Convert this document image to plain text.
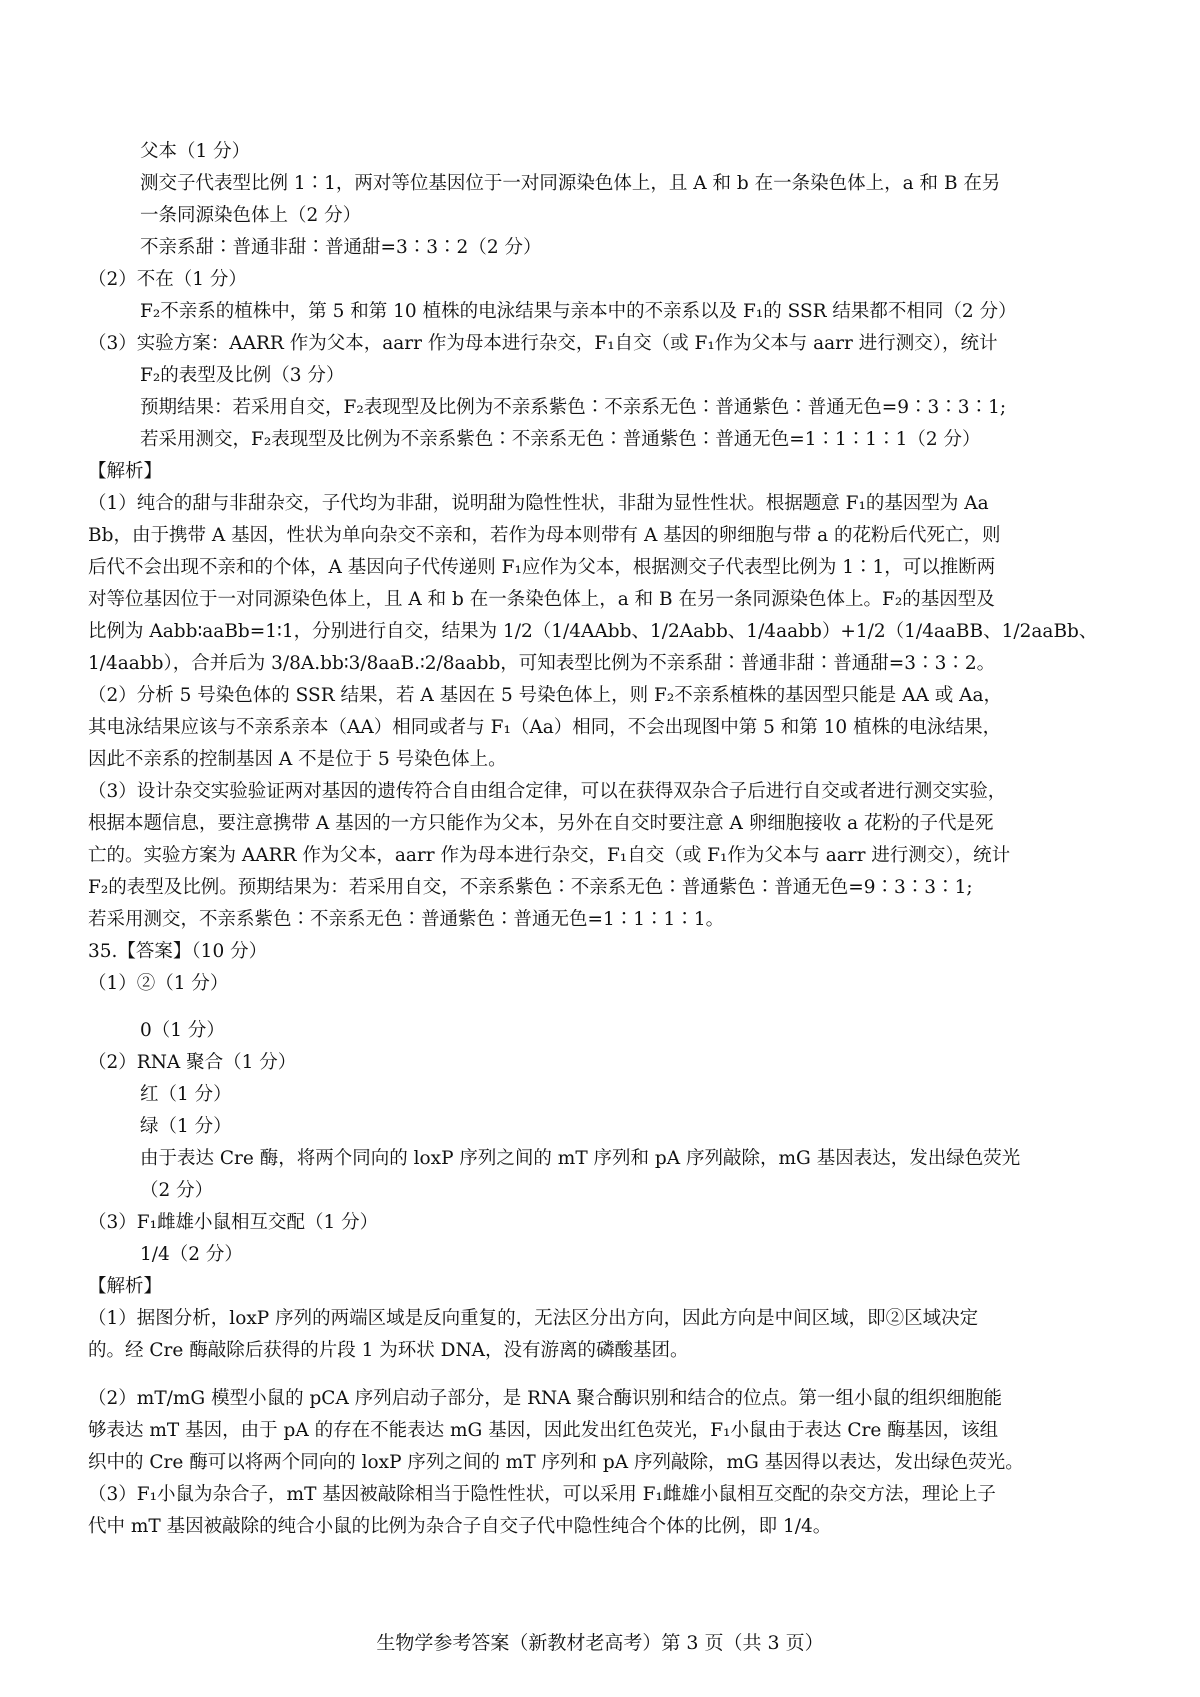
父本（1 分）
测交子代表型比例 1∶1，两对等位基因位于一对同源染色体上，且 A 和 b 在一条染色体上，a 和 B 在另
一条同源染色体上（2 分）
不亲系甜∶普通非甜∶普通甜=3∶3∶2（2 分）
（2）不在（1 分）
F₂不亲系的植株中，第 5 和第 10 植株的电泳结果与亲本中的不亲系以及 F₁的 SSR 结果都不相同（2 分）
（3）实验方案：AARR 作为父本，aarr 作为母本进行杂交，F₁自交（或 F₁作为父本与 aarr 进行测交），统计
F₂的表型及比例（3 分）
预期结果：若采用自交，F₂表现型及比例为不亲系紫色∶不亲系无色∶普通紫色∶普通无色=9∶3∶3∶1;
若采用测交，F₂表现型及比例为不亲系紫色∶不亲系无色∶普通紫色∶普通无色=1∶1∶1∶1（2 分）
【解析】
（1）纯合的甜与非甜杂交，子代均为非甜，说明甜为隐性性状，非甜为显性性状。根据题意 F₁的基因型为 Aa
Bb，由于携带 A 基因，性状为单向杂交不亲和，若作为母本则带有 A 基因的卵细胞与带 a 的花粉后代死亡，则
后代不会出现不亲和的个体，A 基因向子代传递则 F₁应作为父本，根据测交子代表型比例为 1∶1，可以推断两
对等位基因位于一对同源染色体上，且 A 和 b 在一条染色体上，a 和 B 在另一条同源染色体上。F₂的基因型及
比例为 Aabb∶aaBb=1∶1，分别进行自交，结果为 1/2（1/4AAbb、1/2Aabb、1/4aabb）+1/2（1/4aaBB、1/2aaBb、
1/4aabb），合并后为 3/8A.bb∶3/8aaB.∶2/8aabb，可知表型比例为不亲系甜∶普通非甜∶普通甜=3∶3∶2。
（2）分析 5 号染色体的 SSR 结果，若 A 基因在 5 号染色体上，则 F₂不亲系植株的基因型只能是 AA 或 Aa，
其电泳结果应该与不亲系亲本（AA）相同或者与 F₁（Aa）相同，不会出现图中第 5 和第 10 植株的电泳结果，
因此不亲系的控制基因 A 不是位于 5 号染色体上。
（3）设计杂交实验验证两对基因的遗传符合自由组合定律，可以在获得双杂合子后进行自交或者进行测交实验，
根据本题信息，要注意携带 A 基因的一方只能作为父本，另外在自交时要注意 A 卵细胞接收 a 花粉的子代是死
亡的。实验方案为 AARR 作为父本，aarr 作为母本进行杂交，F₁自交（或 F₁作为父本与 aarr 进行测交），统计
F₂的表型及比例。预期结果为：若采用自交，不亲系紫色∶不亲系无色∶普通紫色∶普通无色=9∶3∶3∶1;
若采用测交，不亲系紫色∶不亲系无色∶普通紫色∶普通无色=1∶1∶1∶1。
35.【答案】（10 分）
（1）②（1 分）
0（1 分）
（2）RNA 聚合（1 分）
红（1 分）
绿（1 分）
由于表达 Cre 酶，将两个同向的 loxP 序列之间的 mT 序列和 pA 序列敲除，mG 基因表达，发出绿色荧光
（2 分）
（3）F₁雌雄小鼠相互交配（1 分）
1/4（2 分）
【解析】
（1）据图分析，loxP 序列的两端区域是反向重复的，无法区分出方向，因此方向是中间区域，即②区域决定
的。经 Cre 酶敲除后获得的片段 1 为环状 DNA，没有游离的磷酸基团。
（2）mT/mG 模型小鼠的 pCA 序列启动子部分，是 RNA 聚合酶识别和结合的位点。第一组小鼠的组织细胞能
够表达 mT 基因，由于 pA 的存在不能表达 mG 基因，因此发出红色荧光，F₁小鼠由于表达 Cre 酶基因，该组
织中的 Cre 酶可以将两个同向的 loxP 序列之间的 mT 序列和 pA 序列敲除，mG 基因得以表达，发出绿色荧光。
（3）F₁小鼠为杂合子，mT 基因被敲除相当于隐性性状，可以采用 F₁雌雄小鼠相互交配的杂交方法，理论上子
代中 mT 基因被敲除的纯合小鼠的比例为杂合子自交子代中隐性纯合个体的比例，即 1/4。
生物学参考答案（新教材老高考）第 3 页（共 3 页）
